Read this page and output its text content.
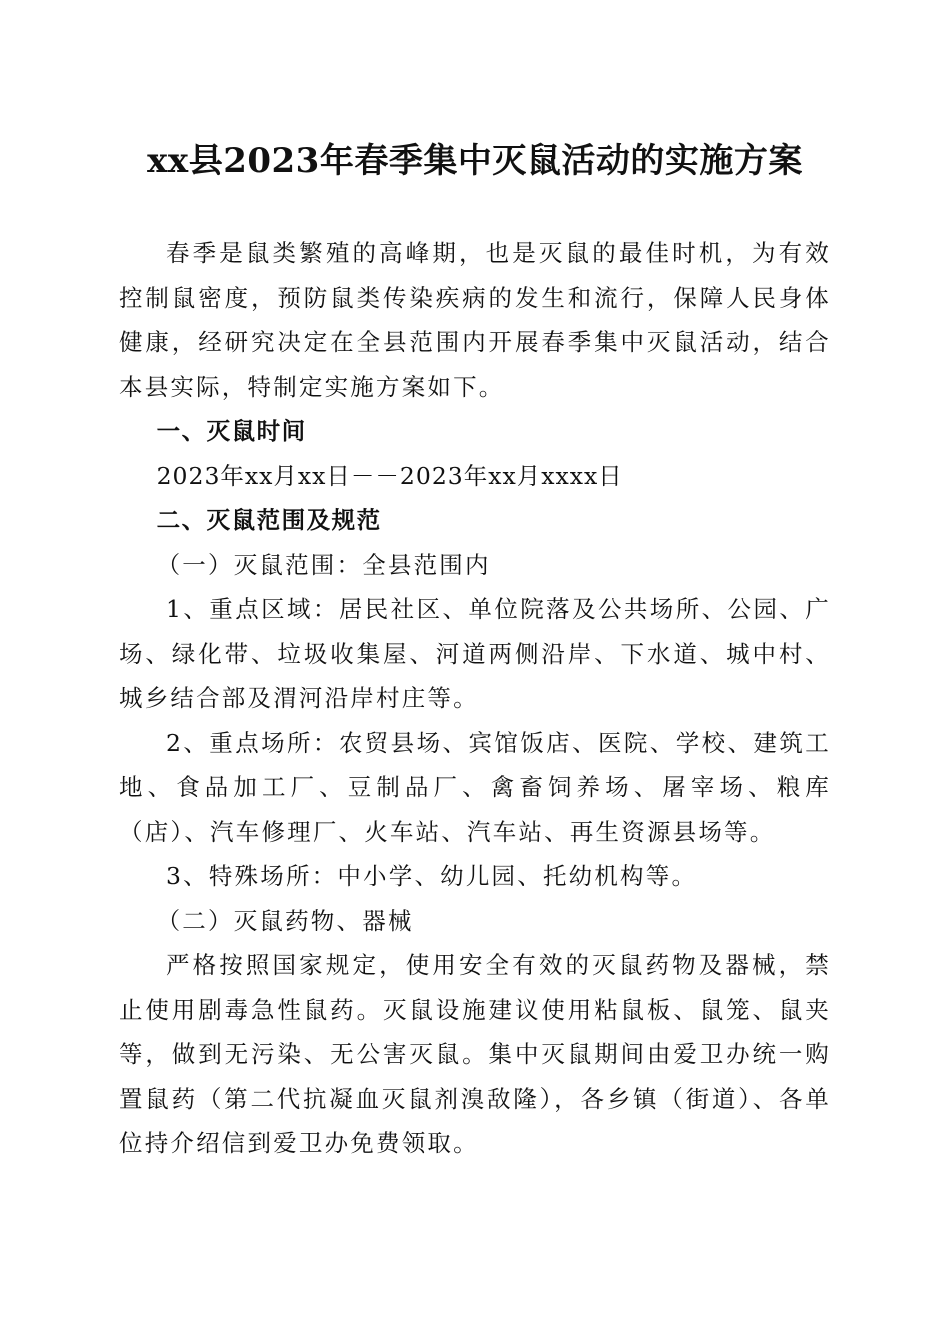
xx县2023年春季集中灭鼠活动的实施方案

春季是鼠类繁殖的高峰期，也是灭鼠的最佳时机，为有效控制鼠密度，预防鼠类传染疾病的发生和流行，保障人民身体健康，经研究决定在全县范围内开展春季集中灭鼠活动，结合本县实际，特制定实施方案如下。

一、灭鼠时间

2023年xx月xx日－－2023年xx月xxxx日

二、灭鼠范围及规范

（一）灭鼠范围：全县范围内

1、重点区域：居民社区、单位院落及公共场所、公园、广场、绿化带、垃圾收集屋、河道两侧沿岸、下水道、城中村、城乡结合部及渭河沿岸村庄等。

2、重点场所：农贸县场、宾馆饭店、医院、学校、建筑工地、食品加工厂、豆制品厂、禽畜饲养场、屠宰场、粮库（店）、汽车修理厂、火车站、汽车站、再生资源县场等。

3、特殊场所：中小学、幼儿园、托幼机构等。

（二）灭鼠药物、器械

严格按照国家规定，使用安全有效的灭鼠药物及器械，禁止使用剧毒急性鼠药。灭鼠设施建议使用粘鼠板、鼠笼、鼠夹等，做到无污染、无公害灭鼠。集中灭鼠期间由爱卫办统一购置鼠药（第二代抗凝血灭鼠剂溴敌隆），各乡镇（街道）、各单位持介绍信到爱卫办免费领取。
